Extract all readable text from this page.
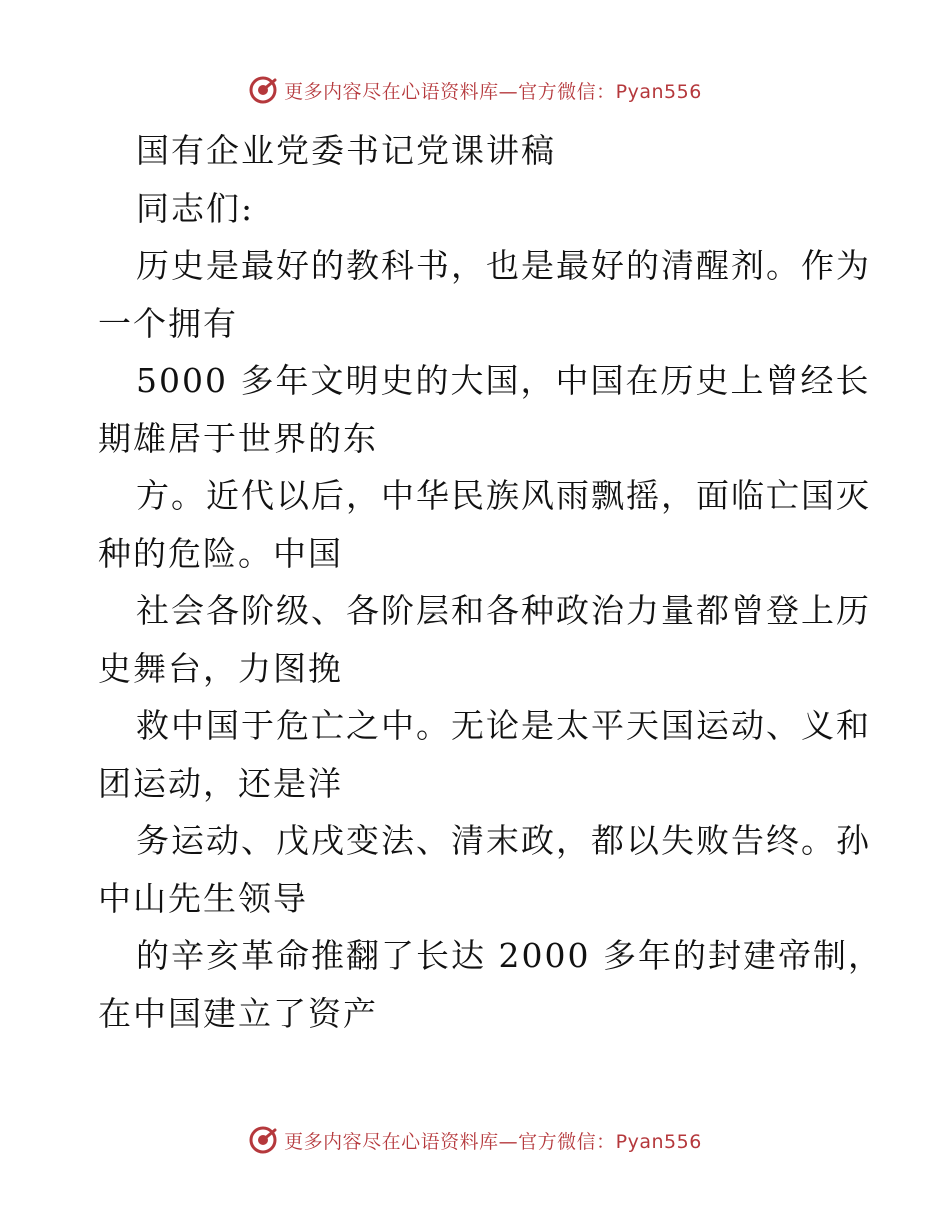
更多内容尽在心语资料库—官方微信：Pyan556
国有企业党委书记党课讲稿
同志们:
历史是最好的教科书，也是最好的清醒剂。作为
一个拥有
5000 多年文明史的大国，中国在历史上曾经长
期雄居于世界的东
方。近代以后，中华民族风雨飘摇，面临亡国灭
种的危险。中国
社会各阶级、各阶层和各种政治力量都曾登上历
史舞台，力图挽
救中国于危亡之中。无论是太平天国运动、义和
团运动，还是洋
务运动、戊戌变法、清末政，都以失败告终。孙
中山先生领导
的辛亥革命推翻了长达 2000 多年的封建帝制，
在中国建立了资产
更多内容尽在心语资料库—官方微信：Pyan556
